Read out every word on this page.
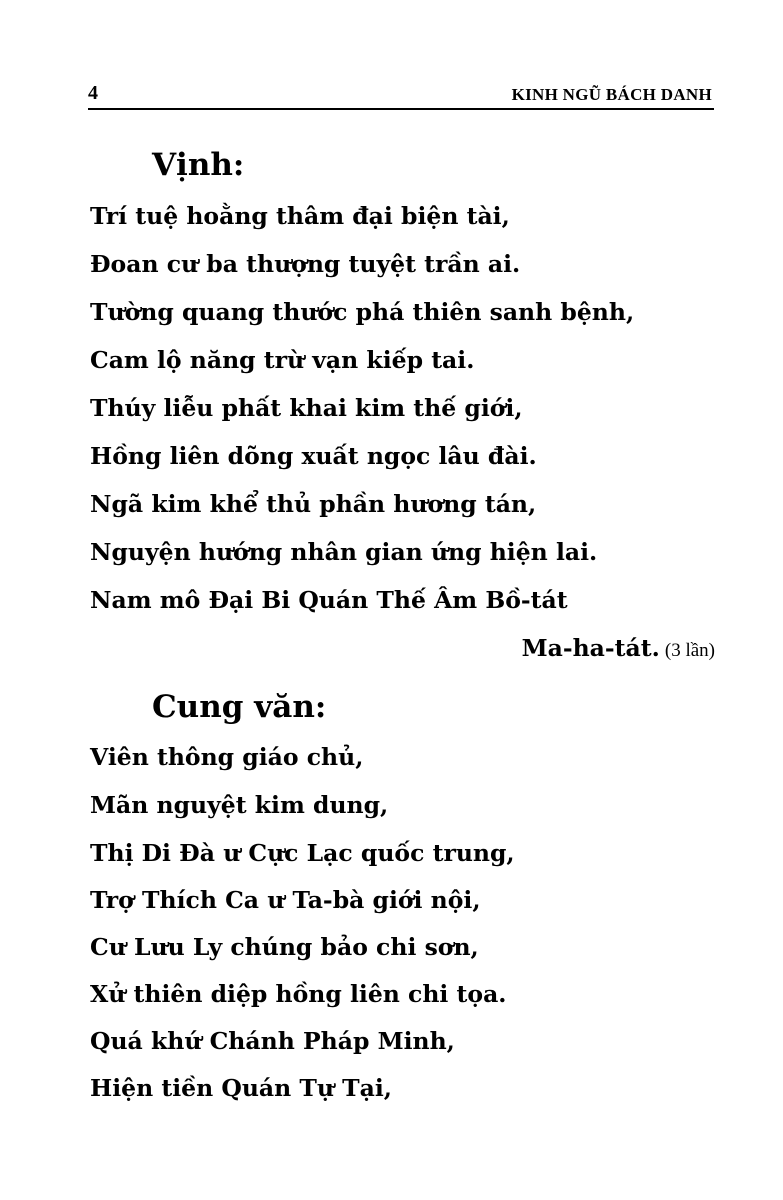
4	KINH NGŨ BÁCH DANH
Vịnh:
Trí tuệ hoằng thâm đại biện tài,
Đoan cư ba thượng tuyệt trần ai.
Tường quang thước phá thiên sanh bệnh,
Cam lộ năng trừ vạn kiếp tai.
Thúy liễu phất khai kim thế giới,
Hồng liên dõng xuất ngọc lâu đài.
Ngã kim khể thủ phần hương tán,
Nguyện hướng nhân gian ứng hiện lai.
Nam mô Đại Bi Quán Thế Âm Bồ-tát
Ma-ha-tát. (3 lần)
Cung văn:
Viên thông giáo chủ,
Mãn nguyệt kim dung,
Thị Di Đà ư Cực Lạc quốc trung,
Trợ Thích Ca ư Ta-bà giới nội,
Cư Lưu Ly chúng bảo chi sơn,
Xử thiên diệp hồng liên chi tọa.
Quá khứ Chánh Pháp Minh,
Hiện tiền Quán Tự Tại,
